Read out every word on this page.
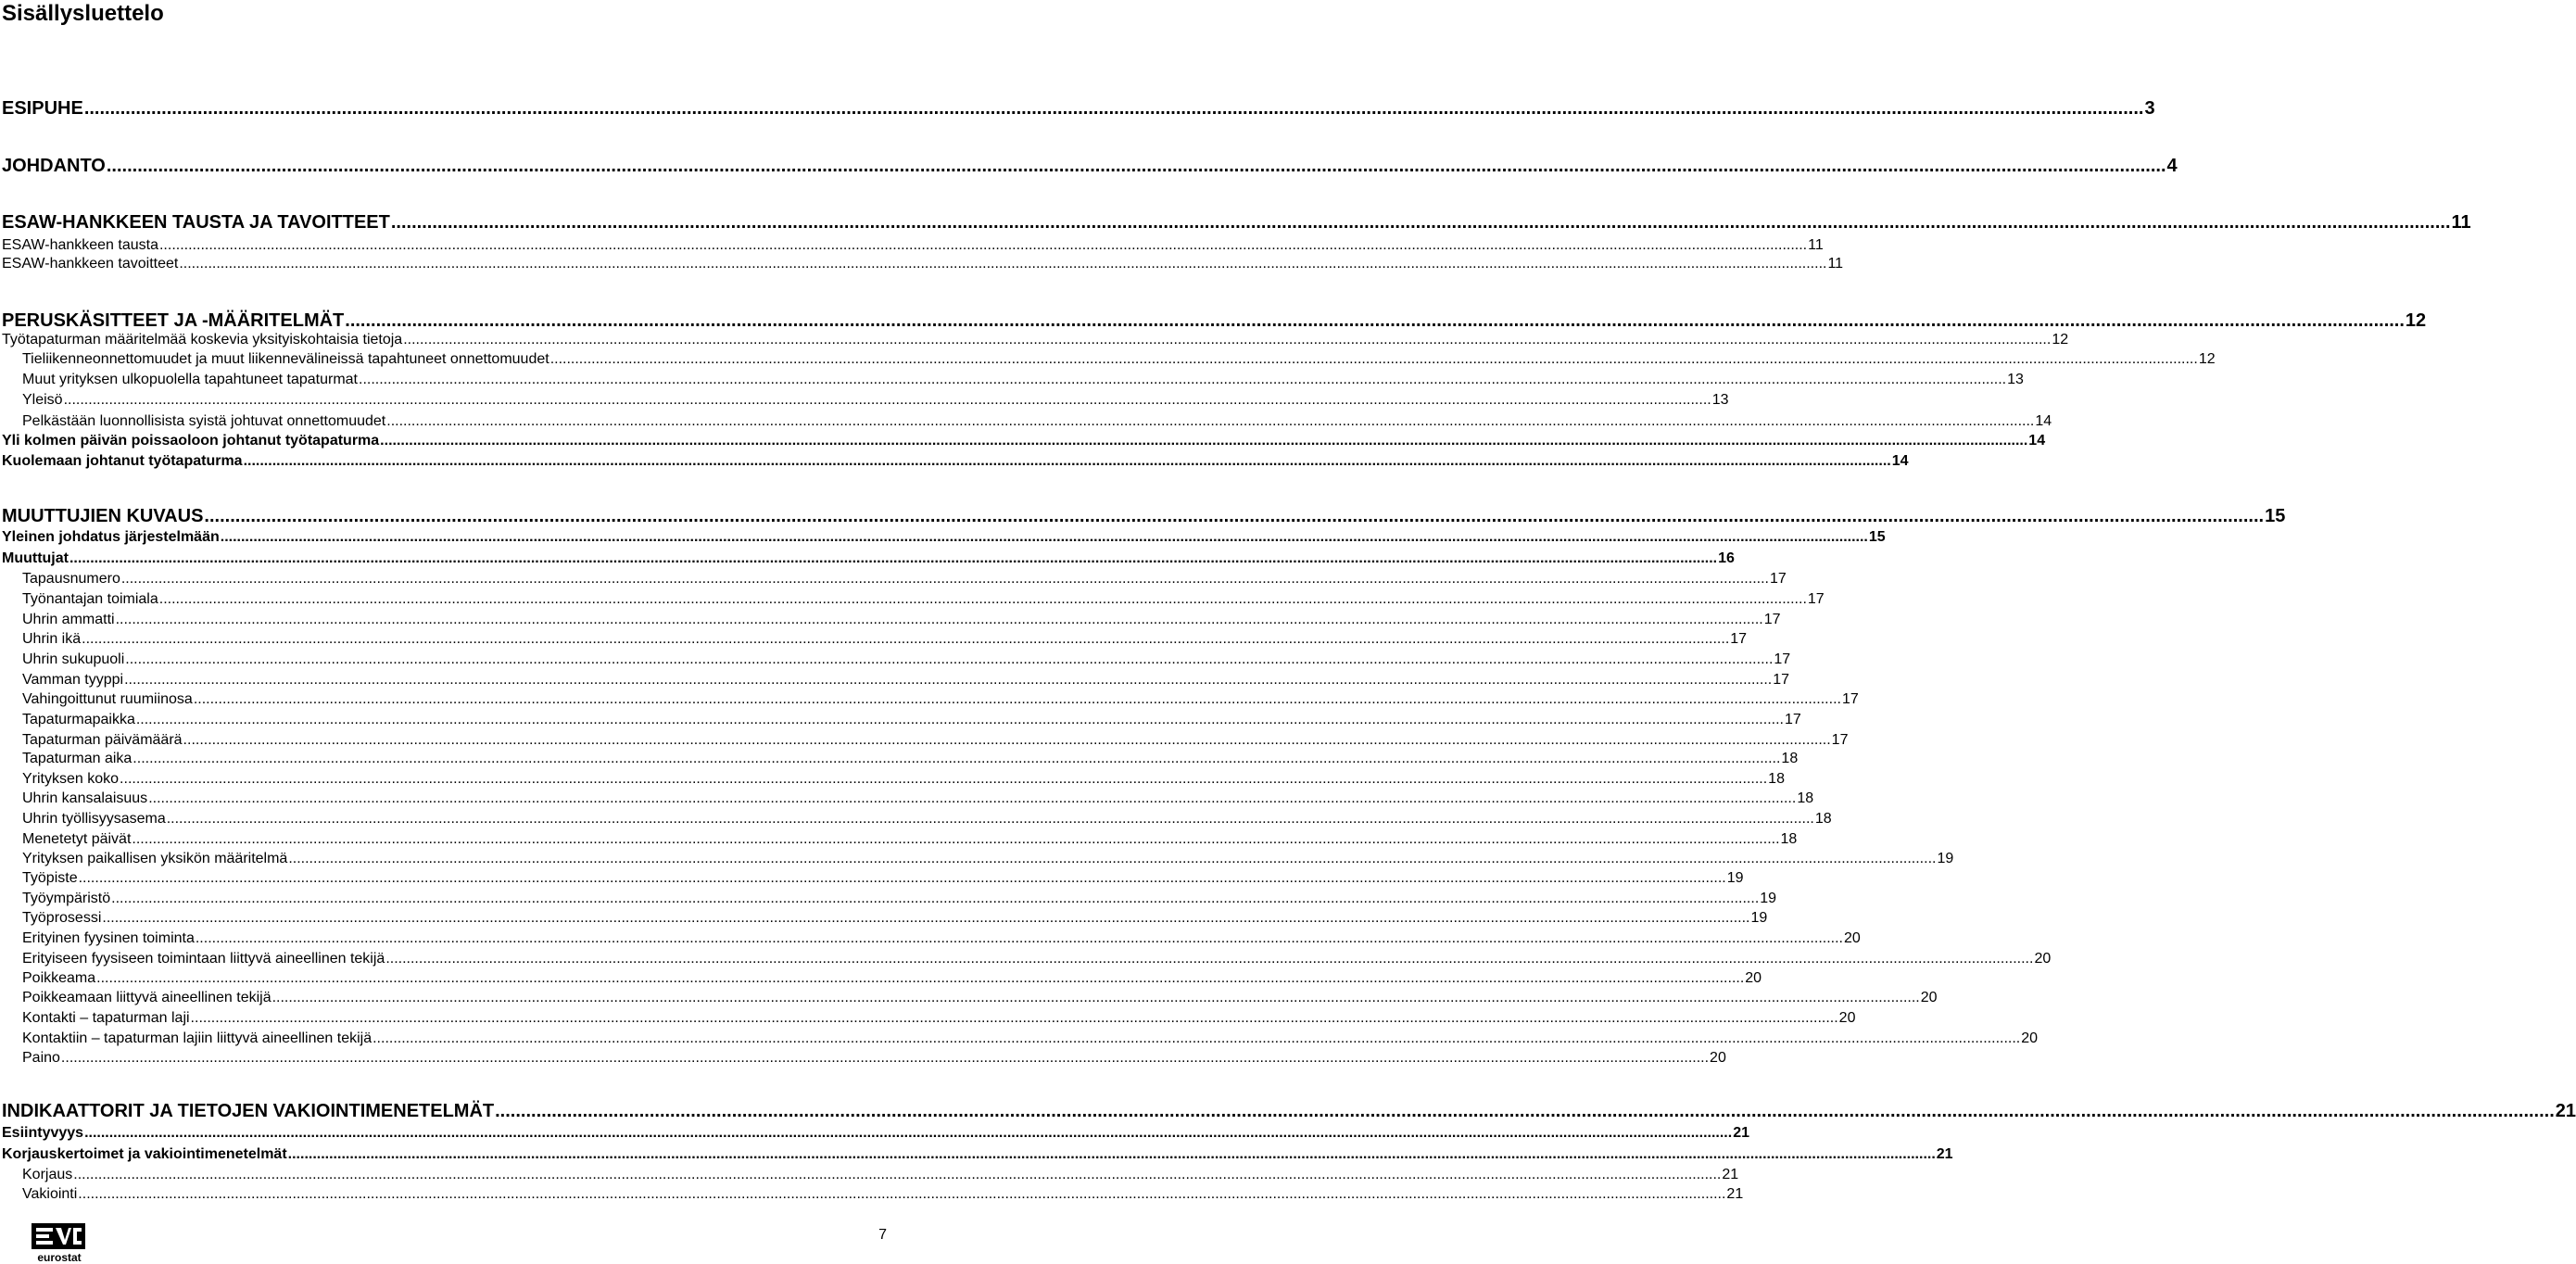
Sisällysluettelo
ESIPUHE ................................................................................................................................................................................................................................................................................................................................................................................................................ 3
JOHDANTO ................................................................................................................................................................................................................................................................................................................................................................................................................ 4
ESAW-HANKKEEN TAUSTA JA TAVOITTEET ................................................................................................................................................................................................................................................................................................................................................................................................................ 11
ESAW-hankkeen tausta ................................................................................................................................................................................................................................................................................................................................................................................................................ 11
ESAW-hankkeen tavoitteet ................................................................................................................................................................................................................................................................................................................................................................................................................ 11
PERUSKÄSITTEET JA -MÄÄRITELMÄT ................................................................................................................................................................................................................................................................................................................................................................................................................ 12
Työtapaturman määritelmää koskevia yksityiskohtaisia tietoja ................................................................................................................................................................................................................................................................................................................................................................................................................ 12
Tieliikenneonnettomuudet ja muut liikennevälineissä tapahtuneet onnettomuudet ................................................................................................................................................................................................................................................................................................................................................................................................................ 12
Muut yrityksen ulkopuolella tapahtuneet tapaturmat ................................................................................................................................................................................................................................................................................................................................................................................................................ 13
Yleisö ................................................................................................................................................................................................................................................................................................................................................................................................................ 13
Pelkästään luonnollisista syistä johtuvat onnettomuudet ................................................................................................................................................................................................................................................................................................................................................................................................................ 14
Yli kolmen päivän poissaoloon johtanut työtapaturma ................................................................................................................................................................................................................................................................................................................................................................................................................ 14
Kuolemaan johtanut työtapaturma ................................................................................................................................................................................................................................................................................................................................................................................................................ 14
MUUTTUJIEN KUVAUS ................................................................................................................................................................................................................................................................................................................................................................................................................ 15
Yleinen johdatus järjestelmään ................................................................................................................................................................................................................................................................................................................................................................................................................ 15
Muuttujat ................................................................................................................................................................................................................................................................................................................................................................................................................ 16
Tapausnumero ................................................................................................................................................................................................................................................................................................................................................................................................................ 17
Työnantajan toimiala ................................................................................................................................................................................................................................................................................................................................................................................................................ 17
Uhrin ammatti ................................................................................................................................................................................................................................................................................................................................................................................................................ 17
Uhrin ikä ................................................................................................................................................................................................................................................................................................................................................................................................................ 17
Uhrin sukupuoli ................................................................................................................................................................................................................................................................................................................................................................................................................ 17
Vamman tyyppi ................................................................................................................................................................................................................................................................................................................................................................................................................ 17
Vahingoittunut ruumiinosa ................................................................................................................................................................................................................................................................................................................................................................................................................ 17
Tapaturmapaikka ................................................................................................................................................................................................................................................................................................................................................................................................................ 17
Tapaturman päivämäärä ................................................................................................................................................................................................................................................................................................................................................................................................................ 17
Tapaturman aika ................................................................................................................................................................................................................................................................................................................................................................................................................ 18
Yrityksen koko ................................................................................................................................................................................................................................................................................................................................................................................................................ 18
Uhrin kansalaisuus ................................................................................................................................................................................................................................................................................................................................................................................................................ 18
Uhrin työllisyysasema ................................................................................................................................................................................................................................................................................................................................................................................................................ 18
Menetetyt päivät ................................................................................................................................................................................................................................................................................................................................................................................................................ 18
Yrityksen paikallisen yksikön määritelmä ................................................................................................................................................................................................................................................................................................................................................................................................................ 19
Työpiste ................................................................................................................................................................................................................................................................................................................................................................................................................ 19
Työympäristö ................................................................................................................................................................................................................................................................................................................................................................................................................ 19
Työprosessi ................................................................................................................................................................................................................................................................................................................................................................................................................ 19
Erityinen fyysinen toiminta ................................................................................................................................................................................................................................................................................................................................................................................................................ 20
Erityiseen fyysiseen toimintaan liittyvä aineellinen tekijä ................................................................................................................................................................................................................................................................................................................................................................................................................ 20
Poikkeama ................................................................................................................................................................................................................................................................................................................................................................................................................ 20
Poikkeamaan liittyvä aineellinen tekijä ................................................................................................................................................................................................................................................................................................................................................................................................................ 20
Kontakti – tapaturman laji ................................................................................................................................................................................................................................................................................................................................................................................................................ 20
Kontaktiin – tapaturman lajiin liittyvä aineellinen tekijä ................................................................................................................................................................................................................................................................................................................................................................................................................ 20
Paino ................................................................................................................................................................................................................................................................................................................................................................................................................ 20
INDIKAATTORIT JA TIETOJEN VAKIOINTIMENETELMÄT ................................................................................................................................................................................................................................................................................................................................................................................................................ 21
Esiintyvyys ................................................................................................................................................................................................................................................................................................................................................................................................................ 21
Korjauskertoimet ja vakiointimenetelmät ................................................................................................................................................................................................................................................................................................................................................................................................................ 21
Korjaus ................................................................................................................................................................................................................................................................................................................................................................................................................ 21
Vakiointi ................................................................................................................................................................................................................................................................................................................................................................................................................ 21
eurostat
7
